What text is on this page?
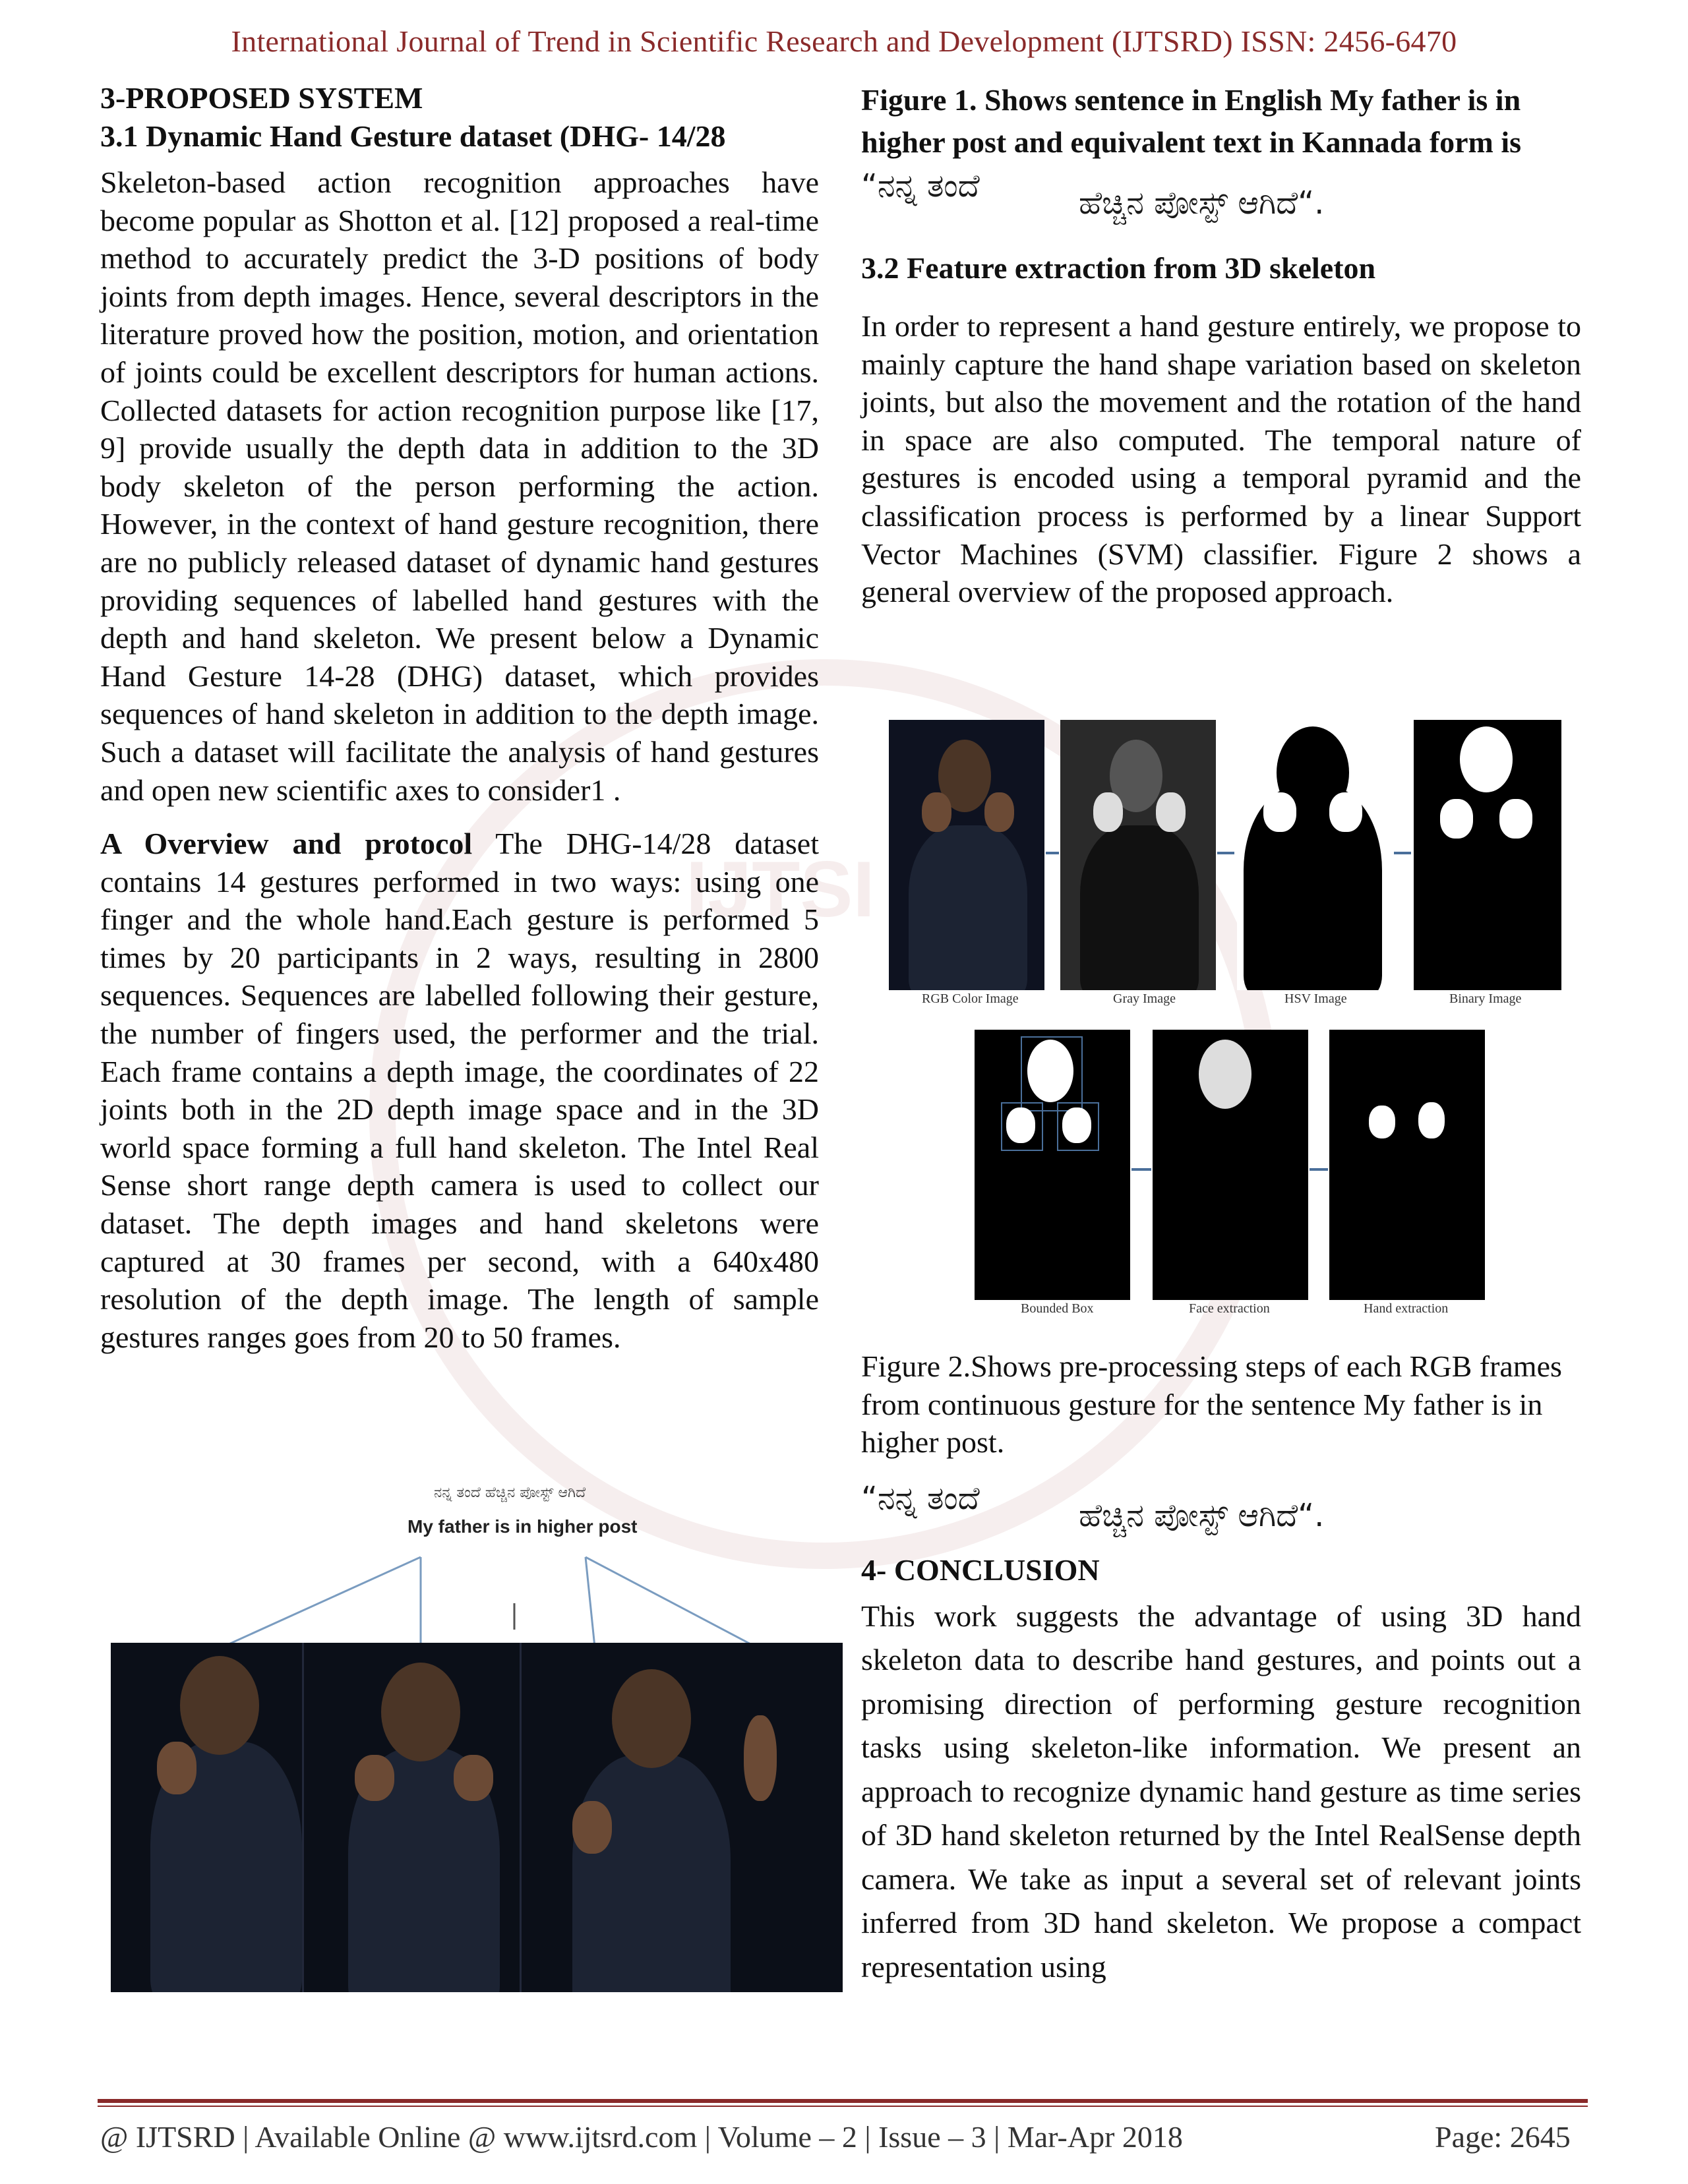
International Journal of Trend in Scientific Research and Development (IJTSRD) ISSN: 2456-6470
IJTSI
3-PROPOSED SYSTEM
3.1 Dynamic Hand Gesture dataset (DHG- 14/28

Skeleton-based action recognition approaches have become popular as Shotton et al. [12] proposed a real-time method to accurately predict the 3-D positions of body joints from depth images. Hence, several descriptors in the literature proved how the position, motion, and orientation of joints could be excellent descriptors for human actions. Collected datasets for action recognition purpose like [17, 9] provide usually the depth data in addition to the 3D body skeleton of the person performing the action. However, in the context of hand gesture recognition, there are no publicly released dataset of dynamic hand gestures providing sequences of labelled hand gestures with the depth and hand skeleton. We present below a Dynamic Hand Gesture 14-28 (DHG) dataset, which provides sequences of hand skeleton in addition to the depth image. Such a dataset will facilitate the analysis of hand gestures and open new scientific axes to consider1 .

A Overview and protocol The DHG-14/28 dataset contains 14 gestures performed in two ways: using one finger and the whole hand.Each gesture is performed 5 times by 20 participants in 2 ways, resulting in 2800 sequences. Sequences are labelled following their gesture, the number of fingers used, the performer and the trial. Each frame contains a depth image, the coordinates of 22 joints both in the 2D depth image space and in the 3D world space forming a full hand skeleton. The Intel Real Sense short range depth camera is used to collect our dataset. The depth images and hand skeletons were captured at 30 frames per second, with a 640x480 resolution of the depth image. The length of sample gestures ranges goes from 20 to 50 frames.

ನನ್ನ ತಂದೆ ಹೆಚ್ಚಿನ ಪೋಸ್ಟ್ ಆಗಿದೆ
My father is in higher post

Figure 1. Shows sentence in English My father is in higher post and equivalent text in Kannada form is

“ನನ್ನ ತಂದೆ	ಹೆಚ್ಚಿನ ಪೋಸ್ಟ್ ಆಗಿದೆ“.
3.2 Feature extraction from 3D skeleton

In order to represent a hand gesture entirely, we propose to mainly capture the hand shape variation based on skeleton joints, but also the movement and the rotation of the hand in space are also computed. The temporal nature of gestures is encoded using a temporal pyramid and the classification process is performed by a linear Support Vector Machines (SVM) classifier. Figure 2 shows a general overview of the proposed approach.

RGB Color Image	Gray Image	HSV Image	Binary Image
Bounded Box	Face extraction	Hand extraction

Figure 2.Shows pre-processing steps of each RGB frames from continuous gesture for the sentence My father is in higher post.

“ನನ್ನ ತಂದೆ	ಹೆಚ್ಚಿನ ಪೋಸ್ಟ್ ಆಗಿದೆ“.
4- CONCLUSION

This work suggests the advantage of using 3D hand skeleton data to describe hand gestures, and points out a promising direction of performing gesture recognition tasks using skeleton-like information. We present an approach to recognize dynamic hand gesture as time series of 3D hand skeleton returned by the Intel RealSense depth camera. We take as input a several set of relevant joints inferred from 3D hand skeleton. We propose a compact representation using

@ IJTSRD | Available Online @ www.ijtsrd.com | Volume – 2 | Issue – 3 | Mar-Apr 2018	Page: 2645
